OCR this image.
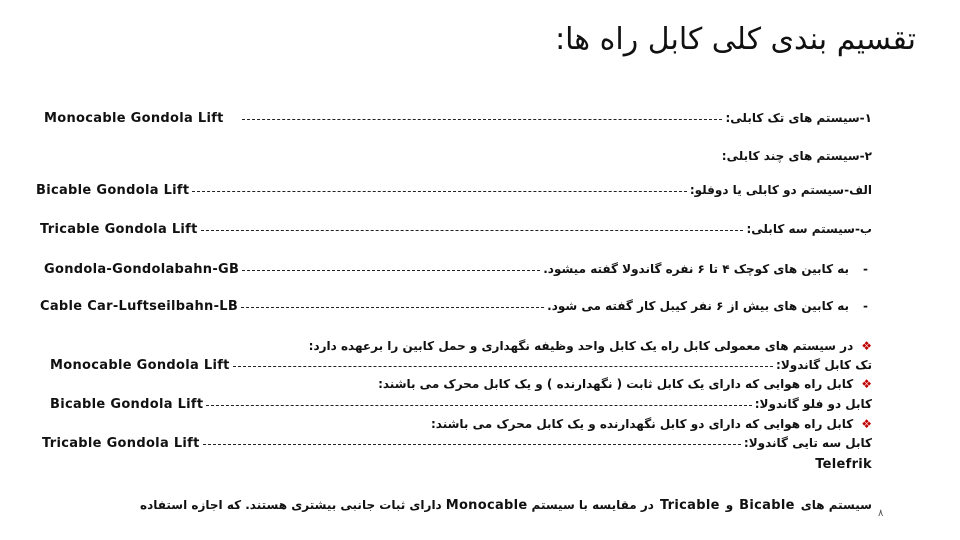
تقسیم بندی کلی کابل راه ها:
Monocable Gondola Lift	۱-سیستم های تک کابلی:
۲-سیستم های چند کابلی:
Bicable Gondola Lift	الف-سیستم دو کابلی یا دوفلو:
Tricable Gondola Lift	ب-سیستم سه کابلی:
Gondola-Gondolabahn-GB	به کابین های کوچک ۴ تا ۶ نفره گاندولا گفته میشود. -
Cable Car-Luftseilbahn-LB	به کابین های بیش از ۶ نفر کیبل کار گفته می شود. -
در سیستم های معمولی کابل راه یک کابل واحد وظیفه نگهداری و حمل کابین را برعهده دارد: ❖
Monocable Gondola Lift	تک کابل گاندولا:
کابل راه هوایی که دارای یک کابل ثابت ( نگهدارنده ) و یک کابل محرک می باشند: ❖
Bicable Gondola Lift	کابل دو فلو گاندولا:
کابل راه هوایی که دارای دو کابل نگهدارنده و یک کابل محرک می باشند: ❖
Tricable Gondola Lift	کابل سه تایی گاندولا:
Telefrik
سیستم های
Bicable
و
Tricable
در مقایسه با سیستم
Monocable
دارای ثبات جانبی بیشتری هستند. که اجازه استفاده
۸
